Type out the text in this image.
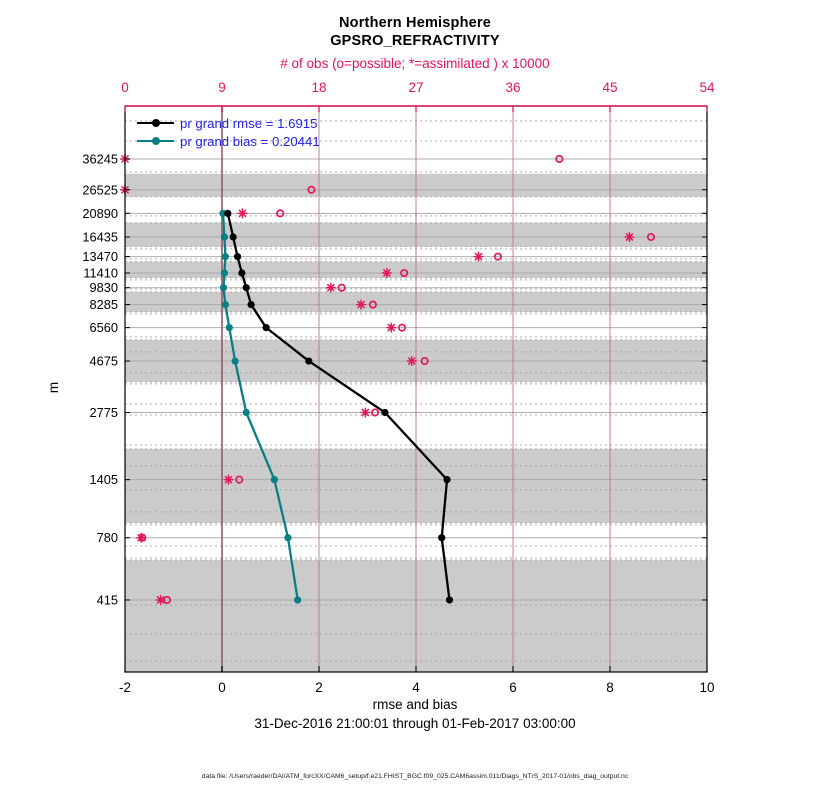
Northern Hemisphere
GPSRO_REFRACTIVITY
# of obs (o=possible; *=assimilated ) x 10000
0	9	18	27	36	45	54
-2	0	2	4	6	8	10
36245
26525
20890
16435
13470
11410
9830
8285
6560
4675
2775
1405
780
415
pr grand rmse = 1.6915
pr grand bias = 0.20441
m
rmse and bias
31-Dec-2016 21:00:01 through 01-Feb-2017 03:00:00
data file: /Users/raeder/DAI/ATM_forcXX/CAM6_setup/f.e21.FHIST_BGC.f09_025.CAM6assim.011/Diags_NTrS_2017-01/obs_diag_output.nc
